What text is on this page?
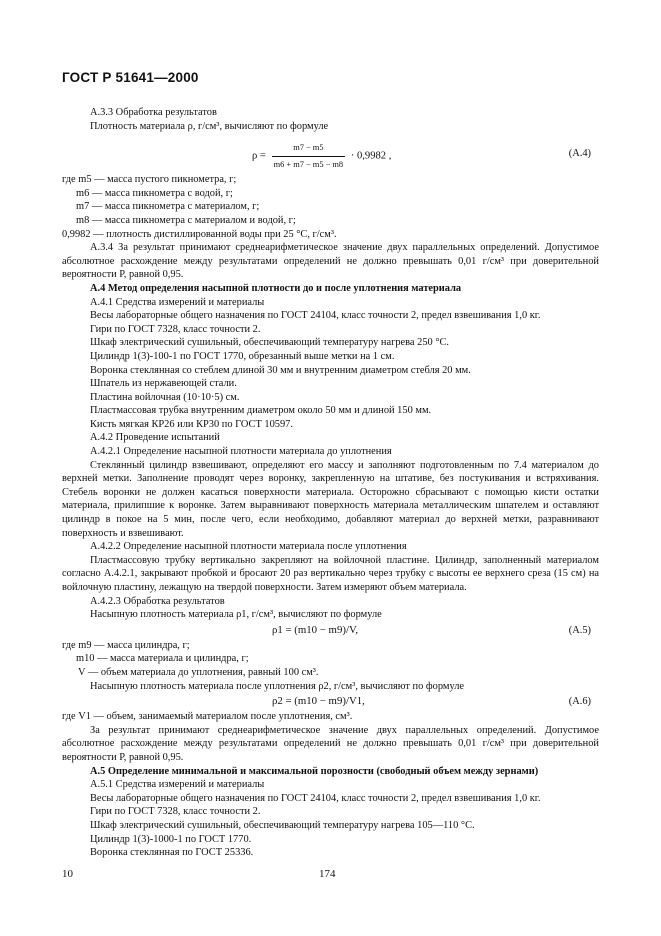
ГОСТ Р 51641—2000

А.3.3 Обработка результатов

Плотность материала ρ, г/см³, вычисляют по формуле

$\rho = \frac{m7 - m5}{m6 + m7 - m5 - m8} \cdot 0,9982$ ,	(А.4)

где m5 — масса пустого пикнометра, г;

m6 — масса пикнометра с водой, г;

m7 — масса пикнометра с материалом, г;

m8 — масса пикнометра с материалом и водой, г;

0,9982 — плотность дистиллированной воды при 25 °С, г/см³.

А.3.4 За результат принимают среднеарифметическое значение двух параллельных определений. Допустимое абсолютное расхождение между результатами определений не должно превышать 0,01 г/см³ при доверительной вероятности Р, равной 0,95.

А.4 Метод определения насыпной плотности до и после уплотнения материала

А.4.1 Средства измерений и материалы

Весы лабораторные общего назначения по ГОСТ 24104, класс точности 2, предел взвешивания 1,0 кг.

Гири по ГОСТ 7328, класс точности 2.

Шкаф электрический сушильный, обеспечивающий температуру нагрева 250 °С.

Цилиндр 1(3)-100-1 по ГОСТ 1770, обрезанный выше метки на 1 см.

Воронка стеклянная со стеблем длиной 30 мм и внутренним диаметром стебля 20 мм.

Шпатель из нержавеющей стали.

Пластина войлочная (10·10·5) см.

Пластмассовая трубка внутренним диаметром около 50 мм и длиной 150 мм.

Кисть мягкая КР26 или КР30 по ГОСТ 10597.

А.4.2 Проведение испытаний

А.4.2.1 Определение насыпной плотности материала до уплотнения

Стеклянный цилиндр взвешивают, определяют его массу и заполняют подготовленным по 7.4 материалом до верхней метки. Заполнение проводят через воронку, закрепленную на штативе, без постукивания и встряхивания. Стебель воронки не должен касаться поверхности материала. Осторожно сбрасывают с помощью кисти остатки материала, прилипшие к воронке. Затем выравнивают поверхность материала металлическим шпателем и оставляют цилиндр в покое на 5 мин, после чего, если необходимо, добавляют материал до верхней метки, разравнивают поверхность и взвешивают.

А.4.2.2 Определение насыпной плотности материала после уплотнения

Пластмассовую трубку вертикально закрепляют на войлочной пластине. Цилиндр, заполненный материалом согласно А.4.2.1, закрывают пробкой и бросают 20 раз вертикально через трубку с высоты ее верхнего среза (15 см) на войлочную пластину, лежащую на твердой поверхности. Затем измеряют объем материала.

А.4.2.3 Обработка результатов

Насыпную плотность материала ρ1, г/см³, вычисляют по формуле

ρ1 = (m10 − m9)/V,	(А.5)

где m9 — масса цилиндра, г;

m10 — масса материала и цилиндра, г;

V — объем материала до уплотнения, равный 100 см³.

Насыпную плотность материала после уплотнения ρ2, г/см³, вычисляют по формуле

ρ2 = (m10 − m9)/V1,	(А.6)

где V1 — объем, занимаемый материалом после уплотнения, см³.

За результат принимают среднеарифметическое значение двух параллельных определений. Допустимое абсолютное расхождение между результатами определений не должно превышать 0,01 г/см³ при доверительной вероятности Р, равной 0,95.

А.5 Определение минимальной и максимальной порозности (свободный объем между зернами)

А.5.1 Средства измерений и материалы

Весы лабораторные общего назначения по ГОСТ 24104, класс точности 2, предел взвешивания 1,0 кг.

Гири по ГОСТ 7328, класс точности 2.

Шкаф электрический сушильный, обеспечивающий температуру нагрева 105—110 °С.

Цилиндр 1(3)-1000-1 по ГОСТ 1770.

Воронка стеклянная по ГОСТ 25336.

10	174
